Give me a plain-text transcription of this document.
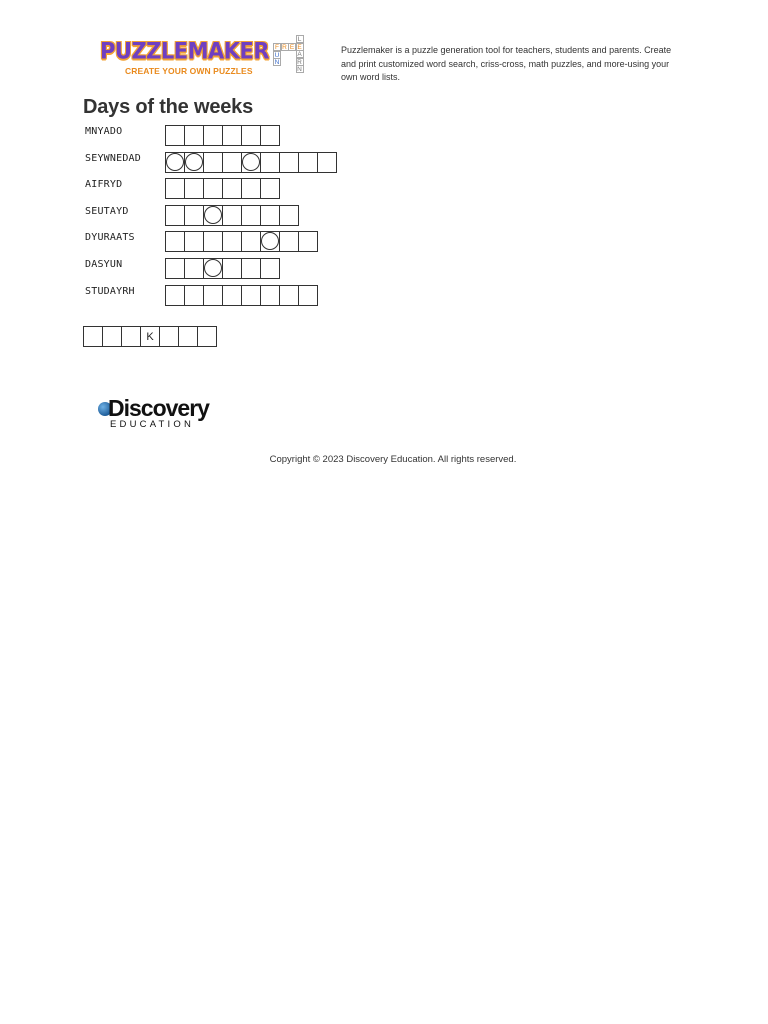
PUZZLEMAKER
CREATE YOUR OWN PUZZLES
F R E E
U
N
L
A
R
N
Puzzlemaker is a puzzle generation tool for teachers, students and parents. Create and print customized word search, criss-cross, math puzzles, and more-using your own word lists.
Days of the weeks
MNYADO
SEYWNEDAD
AIFRYD
SEUTAYD
DYURAATS
DASYUN
STUDAYRH
K
Discovery
EDUCATION
Copyright © 2023 Discovery Education. All rights reserved.
